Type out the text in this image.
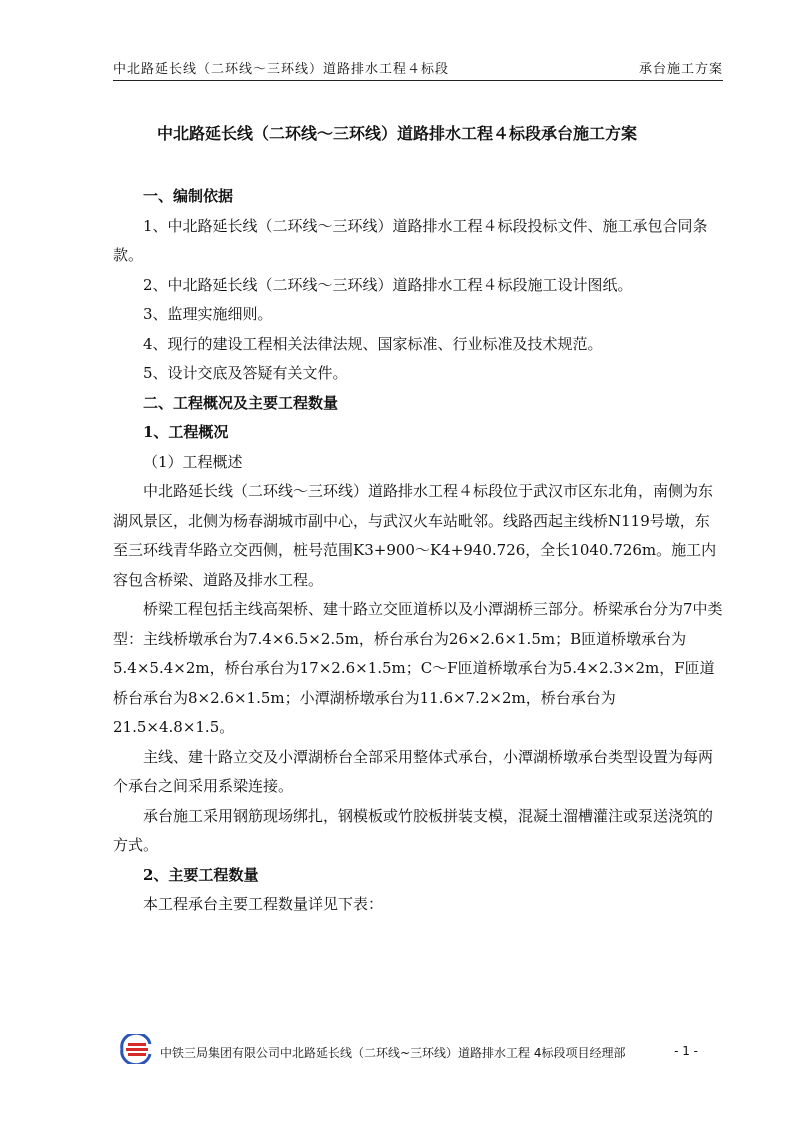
中北路延长线（二环线～三环线）道路排水工程４标段	承台施工方案
中北路延长线（二环线～三环线）道路排水工程４标段承台施工方案

一、编制依据

1、中北路延长线（二环线～三环线）道路排水工程４标段投标文件、施工承包合同条款。

2、中北路延长线（二环线～三环线）道路排水工程４标段施工设计图纸。

3、监理实施细则。

4、现行的建设工程相关法律法规、国家标准、行业标准及技术规范。

5、设计交底及答疑有关文件。

二、工程概况及主要工程数量

1、工程概况

（1）工程概述

中北路延长线（二环线～三环线）道路排水工程４标段位于武汉市区东北角，南侧为东湖风景区，北侧为杨春湖城市副中心，与武汉火车站毗邻。线路西起主线桥N119号墩，东至三环线青华路立交西侧，桩号范围K3+900～K4+940.726，全长1040.726m。施工内容包含桥梁、道路及排水工程。

桥梁工程包括主线高架桥、建十路立交匝道桥以及小潭湖桥三部分。桥梁承台分为7中类型：主线桥墩承台为7.4×6.5×2.5m，桥台承台为26×2.6×1.5m；B匝道桥墩承台为5.4×5.4×2m，桥台承台为17×2.6×1.5m；C～F匝道桥墩承台为5.4×2.3×2m，F匝道桥台承台为8×2.6×1.5m；小潭湖桥墩承台为11.6×7.2×2m，桥台承台为21.5×4.8×1.5。

主线、建十路立交及小潭湖桥台全部采用整体式承台，小潭湖桥墩承台类型设置为每两个承台之间采用系梁连接。

承台施工采用钢筋现场绑扎，钢模板或竹胶板拼装支模，混凝土溜槽灌注或泵送浇筑的方式。

2、主要工程数量

本工程承台主要工程数量详见下表：

中铁三局集团有限公司中北路延长线（二环线~三环线）道路排水工程 4标段项目经理部	- 1 -
